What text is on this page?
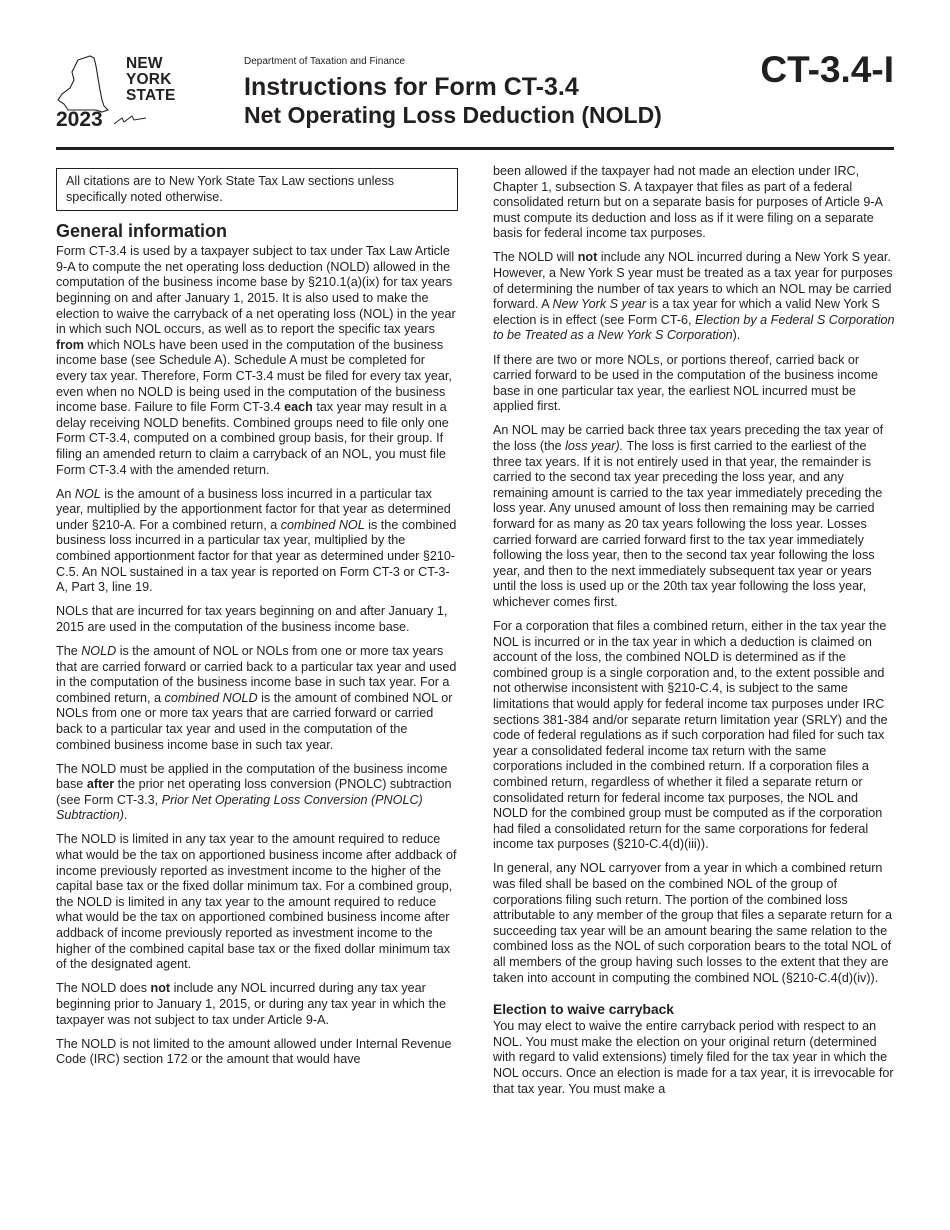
NEW
YORK
STATE
2023
Department of Taxation and Finance
Instructions for Form CT-3.4
Net Operating Loss Deduction (NOLD)
CT-3.4-I
All citations are to New York State Tax Law sections unless specifically noted otherwise.
General information

Form CT-3.4 is used by a taxpayer subject to tax under Tax Law Article 9-A to compute the net operating loss deduction (NOLD) allowed in the computation of the business income base by §210.1(a)(ix) for tax years beginning on and after January 1, 2015. It is also used to make the election to waive the carryback of a net operating loss (NOL) in the year in which such NOL occurs, as well as to report the specific tax years from which NOLs have been used in the computation of the business income base (see Schedule A). Schedule A must be completed for every tax year. Therefore, Form CT-3.4 must be filed for every tax year, even when no NOLD is being used in the computation of the business income base. Failure to file Form CT-3.4 each tax year may result in a delay receiving NOLD benefits. Combined groups need to file only one Form CT-3.4, computed on a combined group basis, for their group. If filing an amended return to claim a carryback of an NOL, you must file Form CT-3.4 with the amended return.

An NOL is the amount of a business loss incurred in a particular tax year, multiplied by the apportionment factor for that year as determined under §210-A. For a combined return, a combined NOL is the combined business loss incurred in a particular tax year, multiplied by the combined apportionment factor for that year as determined under §210-C.5. An NOL sustained in a tax year is reported on Form CT-3 or CT-3-A, Part 3, line 19.

NOLs that are incurred for tax years beginning on and after January 1, 2015 are used in the computation of the business income base.

The NOLD is the amount of NOL or NOLs from one or more tax years that are carried forward or carried back to a particular tax year and used in the computation of the business income base in such tax year. For a combined return, a combined NOLD is the amount of combined NOL or NOLs from one or more tax years that are carried forward or carried back to a particular tax year and used in the computation of the combined business income base in such tax year.

The NOLD must be applied in the computation of the business income base after the prior net operating loss conversion (PNOLC) subtraction (see Form CT-3.3, Prior Net Operating Loss Conversion (PNOLC) Subtraction).

The NOLD is limited in any tax year to the amount required to reduce what would be the tax on apportioned business income after addback of income previously reported as investment income to the higher of the capital base tax or the fixed dollar minimum tax. For a combined group, the NOLD is limited in any tax year to the amount required to reduce what would be the tax on apportioned combined business income after addback of income previously reported as investment income to the higher of the combined capital base tax or the fixed dollar minimum tax of the designated agent.

The NOLD does not include any NOL incurred during any tax year beginning prior to January 1, 2015, or during any tax year in which the taxpayer was not subject to tax under Article 9-A.

The NOLD is not limited to the amount allowed under Internal Revenue Code (IRC) section 172 or the amount that would have

been allowed if the taxpayer had not made an election under IRC, Chapter 1, subsection S. A taxpayer that files as part of a federal consolidated return but on a separate basis for purposes of Article 9-A must compute its deduction and loss as if it were filing on a separate basis for federal income tax purposes.

The NOLD will not include any NOL incurred during a New York S year. However, a New York S year must be treated as a tax year for purposes of determining the number of tax years to which an NOL may be carried forward. A New York S year is a tax year for which a valid New York S election is in effect (see Form CT-6, Election by a Federal S Corporation to be Treated as a New York S Corporation).

If there are two or more NOLs, or portions thereof, carried back or carried forward to be used in the computation of the business income base in one particular tax year, the earliest NOL incurred must be applied first.

An NOL may be carried back three tax years preceding the tax year of the loss (the loss year). The loss is first carried to the earliest of the three tax years. If it is not entirely used in that year, the remainder is carried to the second tax year preceding the loss year, and any remaining amount is carried to the tax year immediately preceding the loss year. Any unused amount of loss then remaining may be carried forward for as many as 20 tax years following the loss year. Losses carried forward are carried forward first to the tax year immediately following the loss year, then to the second tax year following the loss year, and then to the next immediately subsequent tax year or years until the loss is used up or the 20th tax year following the loss year, whichever comes first.

For a corporation that files a combined return, either in the tax year the NOL is incurred or in the tax year in which a deduction is claimed on account of the loss, the combined NOLD is determined as if the combined group is a single corporation and, to the extent possible and not otherwise inconsistent with §210-C.4, is subject to the same limitations that would apply for federal income tax purposes under IRC sections 381-384 and/or separate return limitation year (SRLY) and the code of federal regulations as if such corporation had filed for such tax year a consolidated federal income tax return with the same corporations included in the combined return. If a corporation files a combined return, regardless of whether it filed a separate return or consolidated return for federal income tax purposes, the NOL and NOLD for the combined group must be computed as if the corporation had filed a consolidated return for the same corporations for federal income tax purposes (§210-C.4(d)(iii)).

In general, any NOL carryover from a year in which a combined return was filed shall be based on the combined NOL of the group of corporations filing such return. The portion of the combined loss attributable to any member of the group that files a separate return for a succeeding tax year will be an amount bearing the same relation to the combined loss as the NOL of such corporation bears to the total NOL of all members of the group having such losses to the extent that they are taken into account in computing the combined NOL (§210-C.4(d)(iv)).

Election to waive carryback

You may elect to waive the entire carryback period with respect to an NOL. You must make the election on your original return (determined with regard to valid extensions) timely filed for the tax year in which the NOL occurs. Once an election is made for a tax year, it is irrevocable for that tax year. You must make a
